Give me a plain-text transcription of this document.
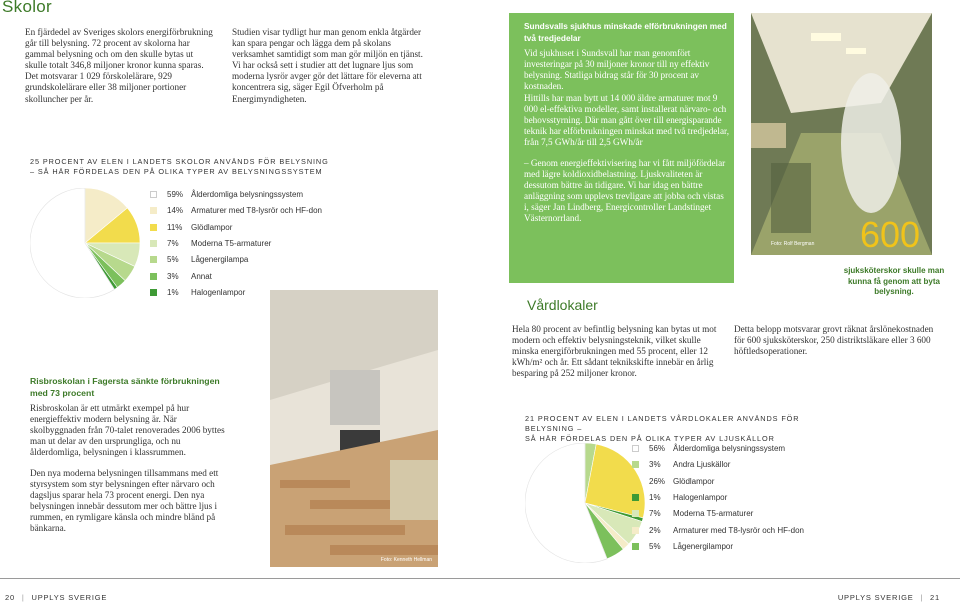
Skolor
En fjärdedel av Sveriges skolors energiförbrukning går till belysning. 72 procent av skolorna har gammal belysning och om den skulle bytas ut skulle totalt 346,8 miljoner kronor kunna sparas. Det motsvarar 1 029 förskolelärare, 929 grundskolelärare eller 38 miljoner portioner skolluncher per år.
Studien visar tydligt hur man genom enkla åtgärder kan spara pengar och lägga dem på skolans verksamhet samtidigt som man gör miljön en tjänst. Vi har också sett i studier att det lugnare ljus som moderna lysrör avger gör det lättare för eleverna att koncentrera sig, säger Egil Öfverholm på Energimyndigheten.
25 PROCENT AV ELEN I LANDETS SKOLOR ANVÄNDS FÖR BELYSNING
– SÅ HÄR FÖRDELAS DEN PÅ OLIKA TYPER AV BELYSNINGSSYSTEM
59% Ålderdomliga belysningssystem
14% Armaturer med T8-lysrör och HF-don
11%	Glödlampor
7%	Moderna T5-armaturer
5%	Lågenergilampa
3%	Annat
1%	Halogenlampor
Foto: Kenneth Hellman
Risbroskolan i Fagersta sänkte förbrukningen med 73 procent
Risbroskolan är ett utmärkt exempel på hur energieffektiv modern belysning är. När skolbyggnaden från 70-talet renoverades 2006 byttes man ut delar av den ursprungliga, och nu ålderdomliga, belysningen i klassrummen.
Den nya moderna belysningen tillsammans med ett styrsystem som styr belysningen efter närvaro och dagsljus sparar hela 73 procent energi. Den nya belysningen innebär dessutom mer och bättre ljus i rummen, en rymligare känsla och mindre bländ på bänkarna.
20 | UPPLYS SVERIGE
Sundsvalls sjukhus minskade elförbrukningen med två tredjedelar
Vid sjukhuset i Sundsvall har man genomfört investeringar på 30 miljoner kronor till ny effektiv belysning. Statliga bidrag står för 30 procent av kostnaden.
Hittills har man bytt ut 14 000 äldre armaturer mot 9 000 el-effektiva modeller, samt installerat närvaro- och behovsstyrning. Där man gått över till energisparande teknik har elförbrukningen minskat med två tredjedelar, från 7,5 GWh/år till 2,5 GWh/år
– Genom energieffektivisering har vi fått miljöfördelar med lägre koldioxidbelastning. Ljuskvaliteten är dessutom bättre än tidigare. Vi har idag en bättre anläggning som upplevs trevligare att jobba och vistas i, säger Jan Lindberg, Energicontroller Landstinget Västernorrland.
Foto: Rolf Bergman 600
sjuksköterskor skulle man kunna få genom att byta belysning.
Vårdlokaler
Hela 80 procent av befintlig belysning kan bytas ut mot modern och effektiv belysningsteknik, vilket skulle minska energiförbrukningen med 55 procent, eller 12 kWh/m² och år. Ett sådant teknikskifte innebär en årlig besparing på 252 miljoner kronor.
Detta belopp motsvarar grovt räknat årslönekostnaden för 600 sjuksköterskor, 250 distriktsläkare eller 3 600 höftledsoperationer.
21 PROCENT AV ELEN I LANDETS VÅRDLOKALER ANVÄNDS FÖR BELYSNING –
SÅ HÄR FÖRDELAS DEN PÅ OLIKA TYPER AV LJUSKÄLLOR
56% Ålderdomliga belysningssystem
3%	Andra Ljuskällor
26% Glödlampor
1%	Halogenlampor
7%	Moderna T5-armaturer
2%	Armaturer med T8-lysrör och HF-don
5%	Lågenergilampor
UPPLYS SVERIGE | 21
